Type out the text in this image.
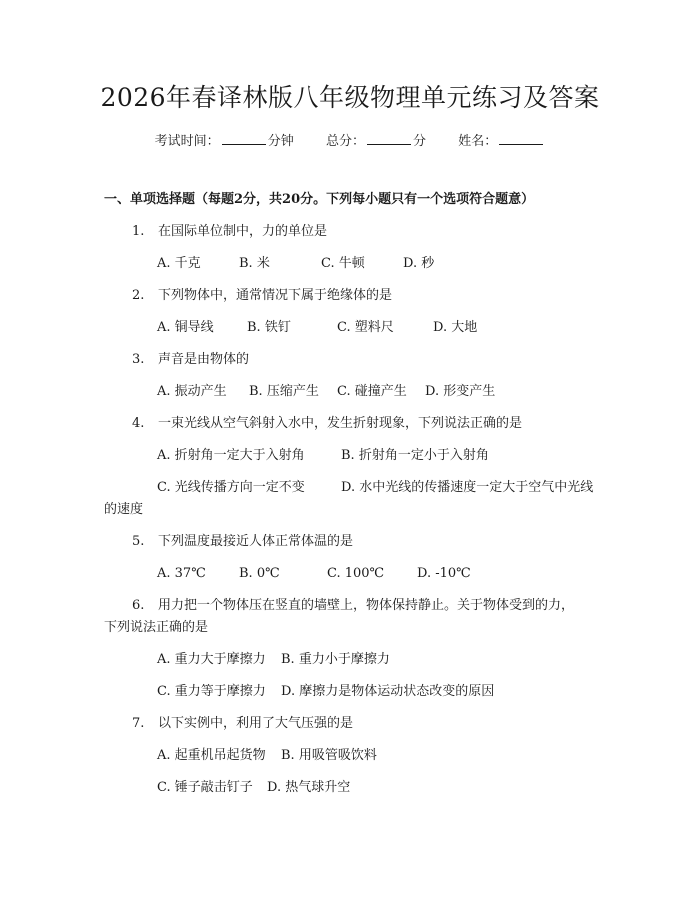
2026年春译林版八年级物理单元练习及答案
考试时间：	分钟 总分：	分 姓名：
一、单项选择题（每题2分，共20分。下列每小题只有一个选项符合题意）
1. 在国际单位制中，力的单位是
A. 千克	B. 米	C. 牛顿	D. 秒
2. 下列物体中，通常情况下属于绝缘体的是
A. 铜导线	B. 铁钉	C. 塑料尺	D. 大地
3. 声音是由物体的
A. 振动产生 B. 压缩产生 C. 碰撞产生 D. 形变产生
4. 一束光线从空气斜射入水中，发生折射现象，下列说法正确的是
A. 折射角一定大于入射角	B. 折射角一定小于入射角
C. 光线传播方向一定不变	D. 水中光线的传播速度一定大于空气中光线
的速度
5. 下列温度最接近人体正常体温的是
A. 37℃	B. 0℃	C. 100℃	D. -10℃
6. 用力把一个物体压在竖直的墙壁上，物体保持静止。关于物体受到的力，
下列说法正确的是
A. 重力大于摩擦力 B. 重力小于摩擦力
C. 重力等于摩擦力 D. 摩擦力是物体运动状态改变的原因
7. 以下实例中，利用了大气压强的是
A. 起重机吊起货物 B. 用吸管吸饮料
C. 锤子敲击钉子 D. 热气球升空
